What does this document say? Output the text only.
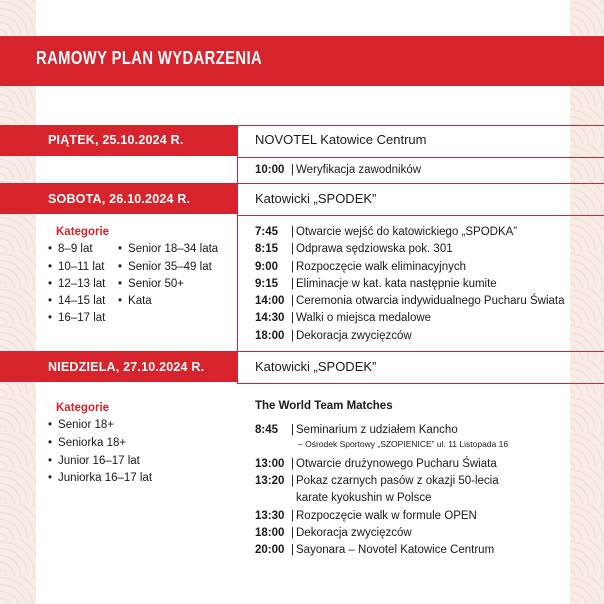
RAMOWY PLAN WYDARZENIA
PIĄTEK, 25.10.2024 R.	NOVOTEL Katowice Centrum
10:00 | Weryfikacja zawodników
SOBOTA, 26.10.2024 R.	Katowicki „SPODEK”
Kategorie
• 8–9 lat
• 10–11 lat
• 12–13 lat
• 14–15 lat
• 16–17 lat
• Senior 18–34 lata
• Senior 35–49 lat
• Senior 50+
• Kata
7:45 | Otwarcie wejść do katowickiego „SPODKA”
8:15 | Odprawa sędziowska pok. 301
9:00 | Rozpoczęcie walk eliminacyjnych
9:15 | Eliminacje w kat. kata następnie kumite
14:00 | Ceremonia otwarcia indywidualnego Pucharu Świata
14:30 | Walki o miejsca medalowe
18:00 | Dekoracja zwycięzców
NIEDZIELA, 27.10.2024 R.	Katowicki „SPODEK”
Kategorie
• Senior 18+
• Seniorka 18+
• Junior 16–17 lat
• Juniorka 16–17 lat
The World Team Matches
8:45 | Seminarium z udziałem Kancho
– Ośrodek Sportowy „SZOPIENICE” ul. 11 Listopada 16
13:00 | Otwarcie drużynowego Pucharu Świata
13:20 | Pokaz czarnych pasów z okazji 50-lecia
karate kyokushin w Polsce
13:30 | Rozpoczęcie walk w formule OPEN
18:00 | Dekoracja zwycięzców
20:00 | Sayonara – Novotel Katowice Centrum
